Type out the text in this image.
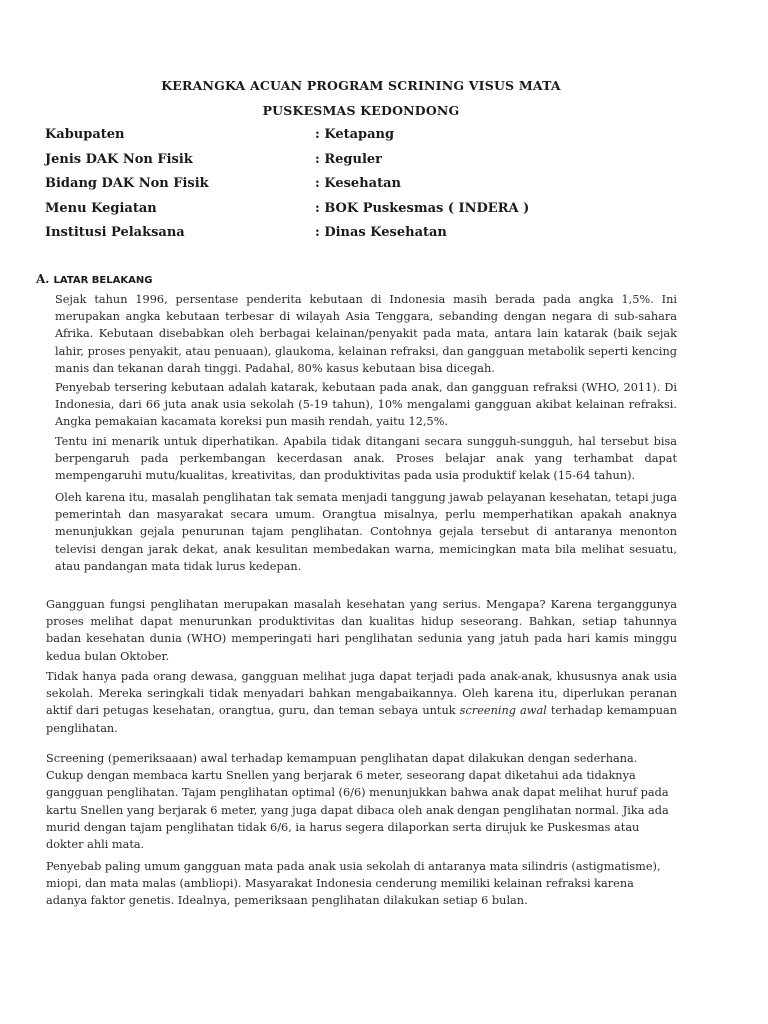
KERANGKA ACUAN PROGRAM SCRINING VISUS MATA
PUSKESMAS KEDONDONG
Kabupaten	: Ketapang
Jenis DAK Non Fisik	: Reguler
Bidang DAK Non Fisik	: Kesehatan
Menu Kegiatan	: BOK Puskesmas ( INDERA )
Institusi Pelaksana	: Dinas Kesehatan
A. LATAR BELAKANG

Sejak tahun 1996, persentase penderita kebutaan di Indonesia masih berada pada angka 1,5%. Ini merupakan angka kebutaan terbesar di wilayah Asia Tenggara, sebanding dengan negara di sub-sahara Afrika. Kebutaan disebabkan oleh berbagai kelainan/penyakit pada mata, antara lain katarak (baik sejak lahir, proses penyakit, atau penuaan), glaukoma, kelainan refraksi, dan gangguan metabolik seperti kencing manis dan tekanan darah tinggi. Padahal, 80% kasus kebutaan bisa dicegah.

Penyebab tersering kebutaan adalah katarak, kebutaan pada anak, dan gangguan refraksi (WHO, 2011). Di Indonesia, dari 66 juta anak usia sekolah (5-19 tahun), 10% mengalami gangguan akibat kelainan refraksi. Angka pemakaian kacamata koreksi pun masih rendah, yaitu 12,5%.

Tentu ini menarik untuk diperhatikan. Apabila tidak ditangani secara sungguh-sungguh, hal tersebut bisa berpengaruh pada perkembangan kecerdasan anak. Proses belajar anak yang terhambat dapat mempengaruhi mutu/kualitas, kreativitas, dan produktivitas pada usia produktif kelak (15-64 tahun).

Oleh karena itu, masalah penglihatan tak semata menjadi tanggung jawab pelayanan kesehatan, tetapi juga pemerintah dan masyarakat secara umum. Orangtua misalnya, perlu memperhatikan apakah anaknya menunjukkan gejala penurunan tajam penglihatan. Contohnya gejala tersebut di antaranya menonton televisi dengan jarak dekat, anak kesulitan membedakan warna, memicingkan mata bila melihat sesuatu, atau pandangan mata tidak lurus kedepan.

Gangguan fungsi penglihatan merupakan masalah kesehatan yang serius. Mengapa? Karena terganggunya proses melihat dapat menurunkan produktivitas dan kualitas hidup seseorang. Bahkan, setiap tahunnya badan kesehatan dunia (WHO) memperingati hari penglihatan sedunia yang jatuh pada hari kamis minggu kedua bulan Oktober.

Tidak hanya pada orang dewasa, gangguan melihat juga dapat terjadi pada anak-anak, khususnya anak usia sekolah. Mereka seringkali tidak menyadari bahkan mengabaikannya. Oleh karena itu, diperlukan peranan aktif dari petugas kesehatan, orangtua, guru, dan teman sebaya untuk screening awal terhadap kemampuan penglihatan.

Screening (pemeriksaaan) awal terhadap kemampuan penglihatan dapat dilakukan dengan sederhana. Cukup dengan membaca kartu Snellen yang berjarak 6 meter, seseorang dapat diketahui ada tidaknya gangguan penglihatan. Tajam penglihatan optimal (6/6) menunjukkan bahwa anak dapat melihat huruf pada kartu Snellen yang berjarak 6 meter, yang juga dapat dibaca oleh anak dengan penglihatan normal. Jika ada murid dengan tajam penglihatan tidak 6/6, ia harus segera dilaporkan serta dirujuk ke Puskesmas atau dokter ahli mata.

Penyebab paling umum gangguan mata pada anak usia sekolah di antaranya mata silindris (astigmatisme), miopi, dan mata malas (ambliopi). Masyarakat Indonesia cenderung memiliki kelainan refraksi karena adanya faktor genetis. Idealnya, pemeriksaan penglihatan dilakukan setiap 6 bulan.
